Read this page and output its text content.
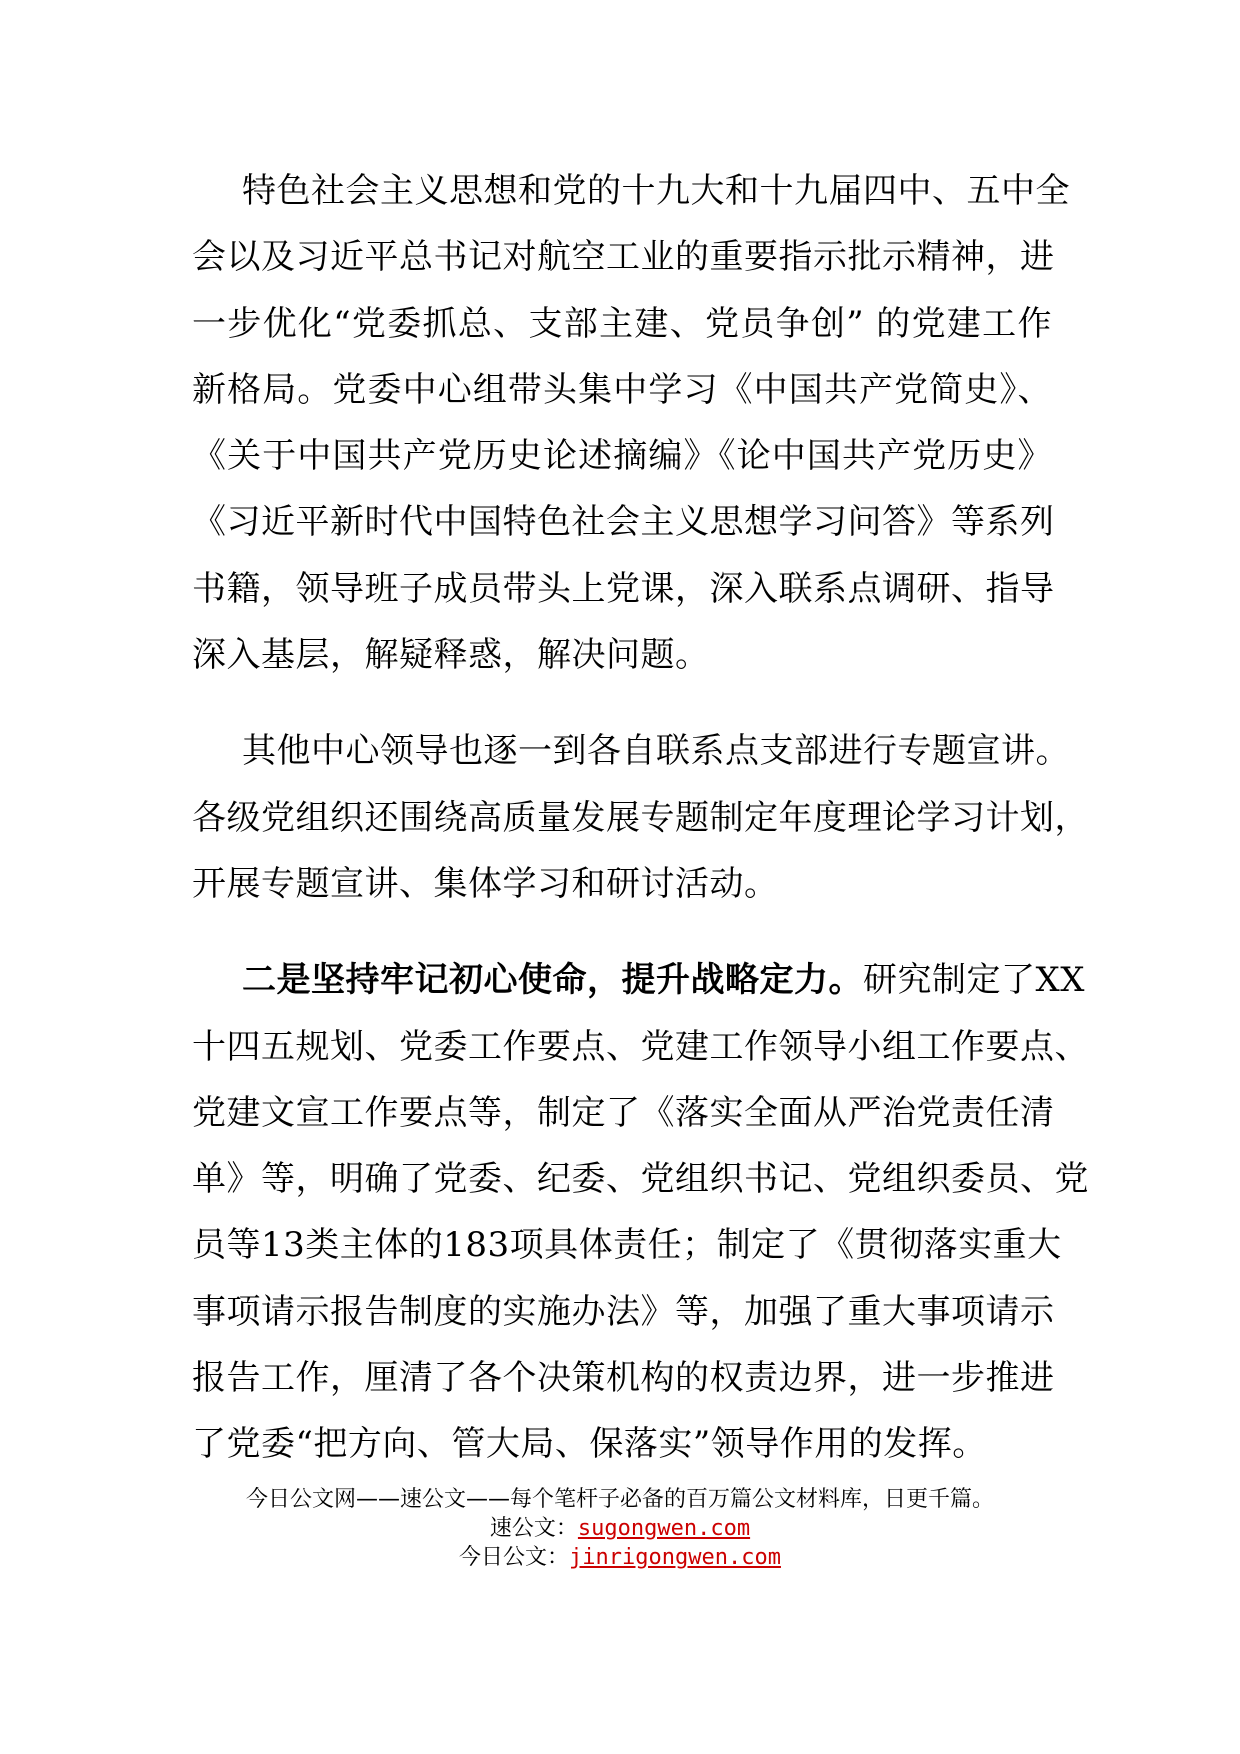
特色社会主义思想和党的十九大和十九届四中、五中全
会以及习近平总书记对航空工业的重要指示批示精神，进
一步优化“党委抓总、支部主建、党员争创” 的党建工作
新格局。党委中心组带头集中学习《中国共产党简史》、
《关于中国共产党历史论述摘编》《论中国共产党历史》
《习近平新时代中国特色社会主义思想学习问答》等系列
书籍，领导班子成员带头上党课，深入联系点调研、指导
深入基层，解疑释惑，解决问题。
其他中心领导也逐一到各自联系点支部进行专题宣讲。
各级党组织还围绕高质量发展专题制定年度理论学习计划，
开展专题宣讲、集体学习和研讨活动。
二是坚持牢记初心使命，提升战略定力。研究制定了XX
十四五规划、党委工作要点、党建工作领导小组工作要点、
党建文宣工作要点等，制定了《落实全面从严治党责任清
单》等，明确了党委、纪委、党组织书记、党组织委员、党
员等13类主体的183项具体责任；制定了《贯彻落实重大
事项请示报告制度的实施办法》等，加强了重大事项请示
报告工作，厘清了各个决策机构的权责边界，进一步推进
了党委“把方向、管大局、保落实”领导作用的发挥。
今日公文网——速公文——每个笔杆子必备的百万篇公文材料库，日更千篇。
速公文：sugongwen.com
今日公文：jinrigongwen.com
